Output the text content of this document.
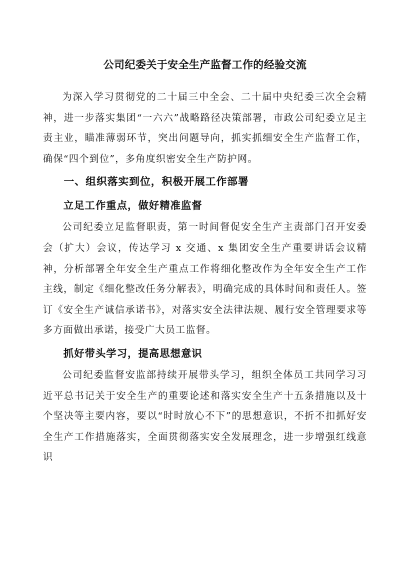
公司纪委关于安全生产监督工作的经验交流

为深入学习贯彻党的二十届三中全会、二十届中央纪委三次全会精神，进一步落实集团“一六六”战略路径决策部署，市政公司纪委立足主责主业，瞄准薄弱环节，突出问题导向，抓实抓细安全生产监督工作，确保“四个到位”，多角度织密安全生产防护网。

一、组织落实到位，积极开展工作部署
立足工作重点，做好精准监督

公司纪委立足监督职责，第一时间督促安全生产主责部门召开安委会（扩大）会议，传达学习 x 交通、x 集团安全生产重要讲话会议精神，分析部署全年安全生产重点工作将细化整改作为全年安全生产工作主线，制定《细化整改任务分解表》，明确完成的具体时间和责任人。签订《安全生产诚信承诺书》，对落实安全法律法规、履行安全管理要求等多方面做出承诺，接受广大员工监督。

抓好带头学习，提高思想意识

公司纪委监督安监部持续开展带头学习，组织全体员工共同学习习近平总书记关于安全生产的重要论述和落实安全生产十五条措施以及十个坚决等主要内容，要以“时时放心不下”的思想意识，不折不扣抓好安全生产工作措施落实，全面贯彻落实安全发展理念，进一步增强红线意识
